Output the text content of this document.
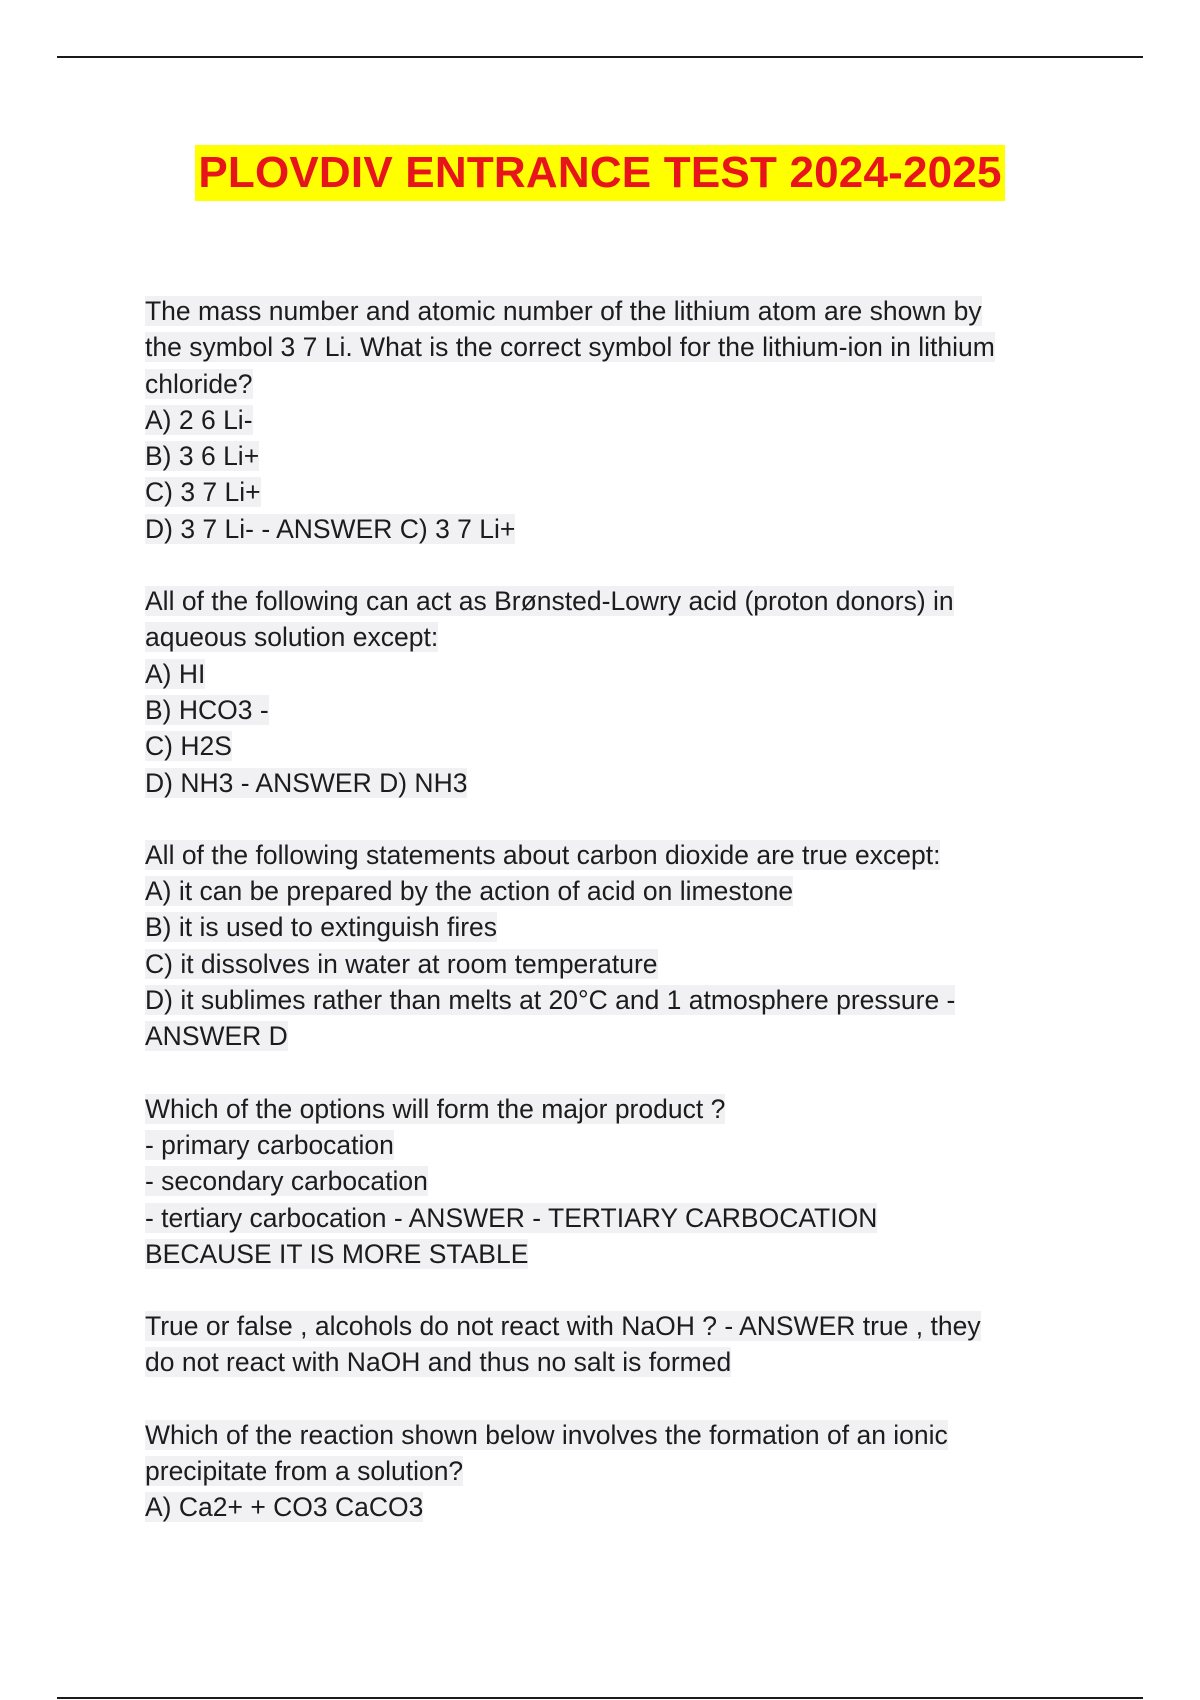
PLOVDIV ENTRANCE TEST 2024-2025
The mass number and atomic number of the lithium atom are shown by
the symbol 3 7 Li. What is the correct symbol for the lithium-ion in lithium
chloride?
A) 2 6 Li-
B) 3 6 Li+
C) 3 7 Li+
D) 3 7 Li- - ANSWER C) 3 7 Li+
All of the following can act as Brønsted-Lowry acid (proton donors) in
aqueous solution except:
A) HI
B) HCO3 -
C) H2S
D) NH3 - ANSWER D) NH3
All of the following statements about carbon dioxide are true except:
A) it can be prepared by the action of acid on limestone
B) it is used to extinguish fires
C) it dissolves in water at room temperature
D) it sublimes rather than melts at 20°C and 1 atmosphere pressure -
ANSWER D
Which of the options will form the major product ?
- primary carbocation
- secondary carbocation
- tertiary carbocation - ANSWER - TERTIARY CARBOCATION
BECAUSE IT IS MORE STABLE
True or false , alcohols do not react with NaOH ? - ANSWER true , they
do not react with NaOH and thus no salt is formed
Which of the reaction shown below involves the formation of an ionic
precipitate from a solution?
A) Ca2+ + CO3 CaCO3
